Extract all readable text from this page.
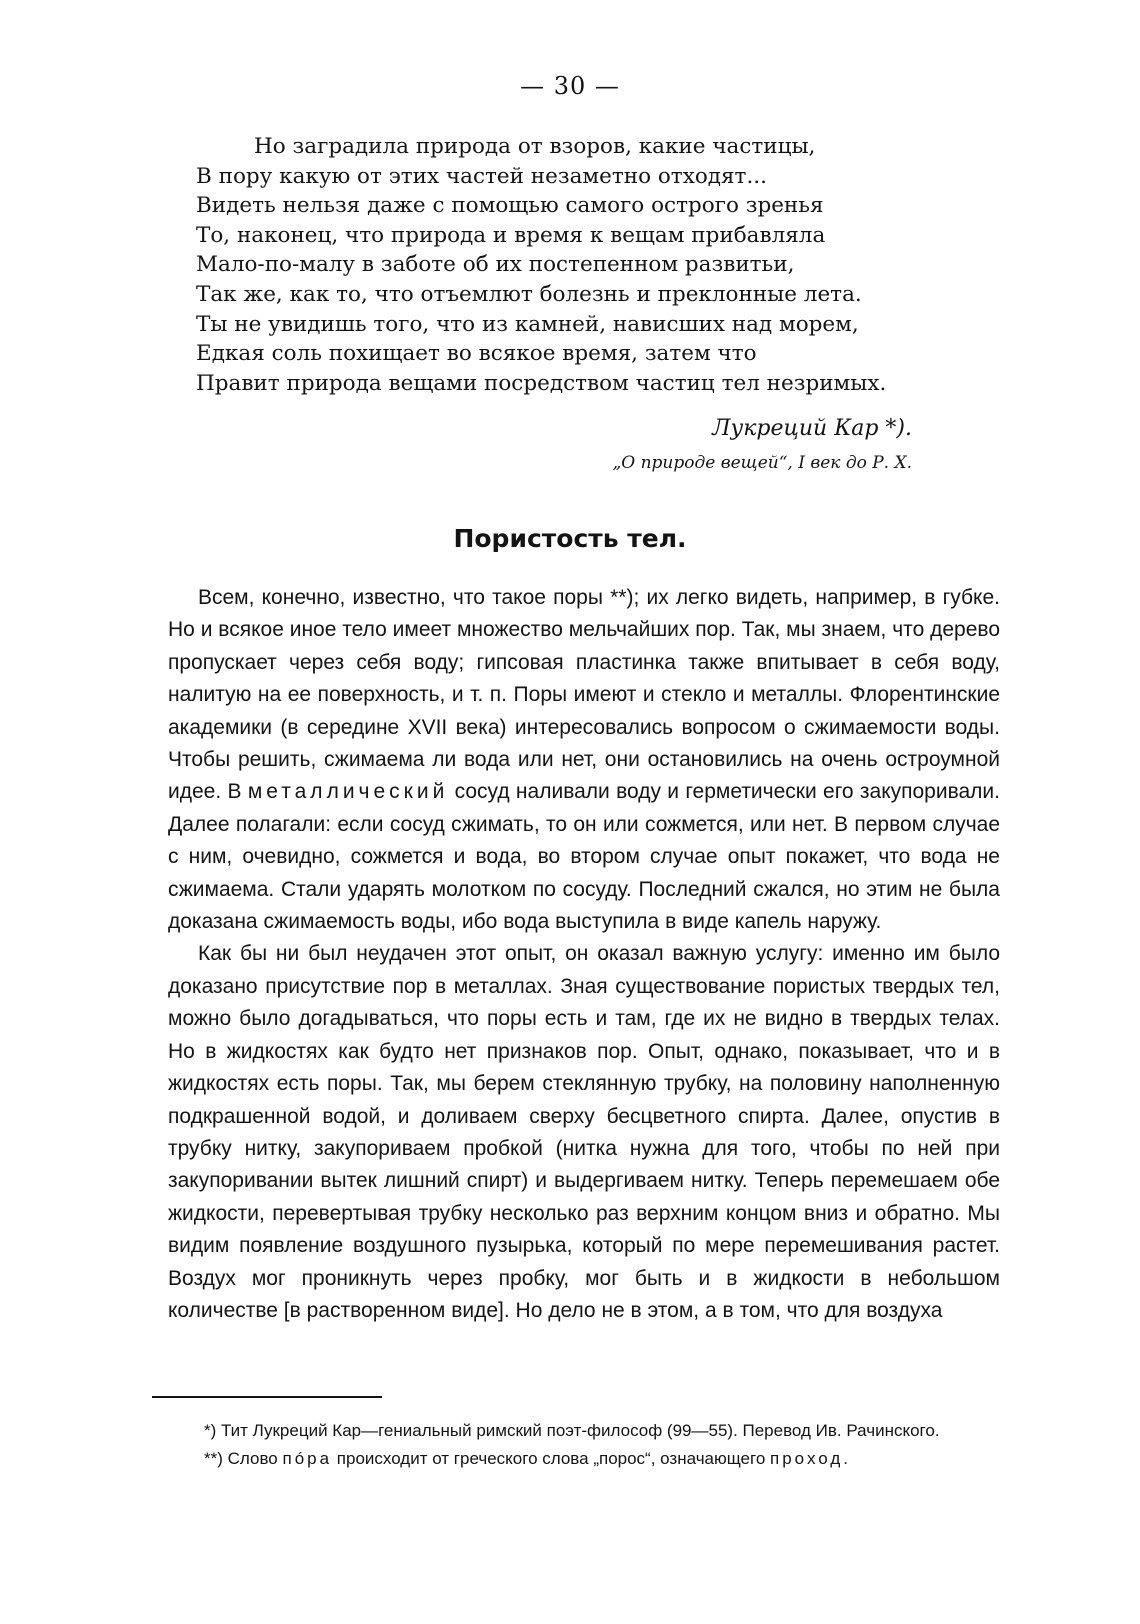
— 30 —
Но заградила природа от взоров, какие частицы,
В пору какую от этих частей незаметно отходят...
Видеть нельзя даже с помощью самого острого зренья
То, наконец, что природа и время к вещам прибавляла
Мало-по-малу в заботе об их постепенном развитьи,
Так же, как то, что отъемлют болезнь и преклонные лета.
Ты не увидишь того, что из камней, нависших над морем,
Едкая соль похищает во всякое время, затем что
Правит природа вещами посредством частиц тел незримых.
Лукреций Кар *).
„О природе вещей“, I век до Р. Х.
Пористость тел.

Всем, конечно, известно, что такое поры **); их легко видеть, например, в губке. Но и всякое иное тело имеет множество мельчайших пор. Так, мы знаем, что дерево пропускает через себя воду; гипсовая пластинка также впитывает в себя воду, налитую на ее поверхность, и т. п. Поры имеют и стекло и металлы. Флорентинские академики (в середине XVII века) интересовались вопросом о сжимаемости воды. Чтобы решить, сжимаема ли вода или нет, они остановились на очень остроумной идее. В металлический сосуд наливали воду и герметически его закупоривали. Далее полагали: если сосуд сжимать, то он или сожмется, или нет. В первом случае с ним, очевидно, сожмется и вода, во втором случае опыт покажет, что вода не сжимаема. Стали ударять молотком по сосуду. Последний сжался, но этим не была доказана сжимаемость воды, ибо вода выступила в виде капель наружу.

Как бы ни был неудачен этот опыт, он оказал важную услугу: именно им было доказано присутствие пор в металлах. Зная существование пористых твердых тел, можно было догадываться, что поры есть и там, где их не видно в твердых телах. Но в жидкостях как будто нет признаков пор. Опыт, однако, показывает, что и в жидкостях есть поры. Так, мы берем стеклянную трубку, на половину наполненную подкрашенной водой, и доливаем сверху бесцветного спирта. Далее, опустив в трубку нитку, закупориваем пробкой (нитка нужна для того, чтобы по ней при закупоривании вытек лишний спирт) и выдергиваем нитку. Теперь перемешаем обе жидкости, перевертывая трубку несколько раз верхним концом вниз и обратно. Мы видим появление воздушного пузырька, который по мере перемешивания растет. Воздух мог проникнуть через пробку, мог быть и в жидкости в небольшом количестве [в растворенном виде]. Но дело не в этом, а в том, что для воздуха

*) Тит Лукреций Кар—гениальный римский поэт-философ (99—55). Перевод Ив. Рачинского.

**) Слово пóра происходит от греческого слова „порос“, означающего проход.
